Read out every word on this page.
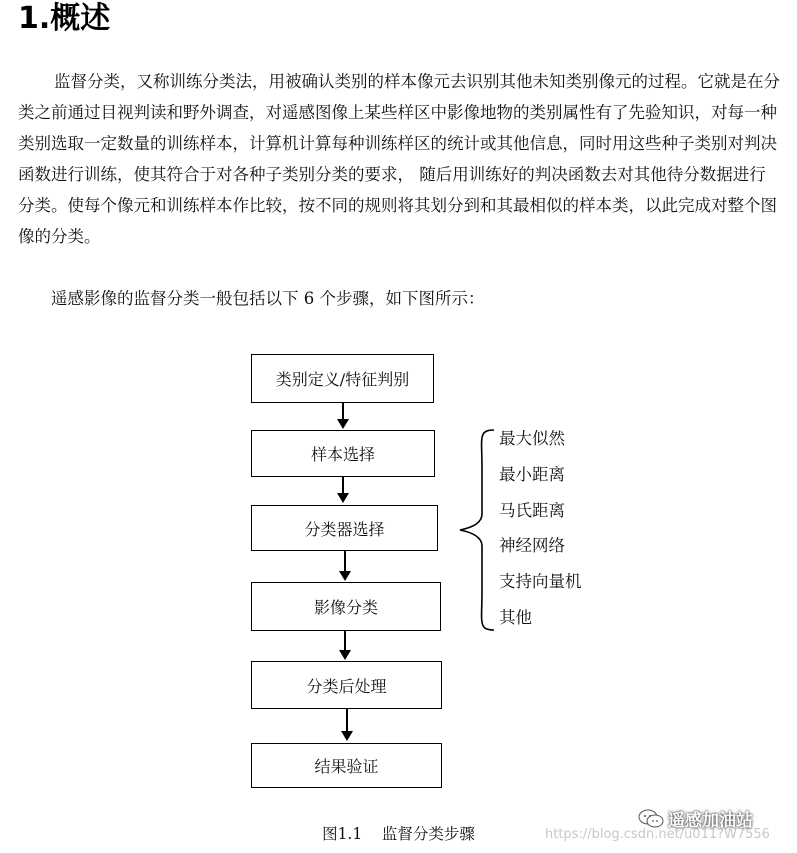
1.概述
监督分类，又称训练分类法，用被确认类别的样本像元去识别其他未知类别像元的过程。它就是在分类之前通过目视判读和野外调查，对遥感图像上某些样区中影像地物的类别属性有了先验知识，对每一种类别选取一定数量的训练样本，计算机计算每种训练样区的统计或其他信息，同时用这些种子类别对判决函数进行训练，使其符合于对各种子类别分类的要求， 随后用训练好的判决函数去对其他待分数据进行分类。使每个像元和训练样本作比较，按不同的规则将其划分到和其最相似的样本类，以此完成对整个图像的分类。
遥感影像的监督分类一般包括以下 6 个步骤，如下图所示：
类别定义/特征判别
样本选择
分类器选择
影像分类
分类后处理
结果验证
最大似然
最小距离
马氏距离
神经网络
支持向量机
其他
图1.1    监督分类步骤	https://blog.csdn.net/u011?W7556
遥感加油站
